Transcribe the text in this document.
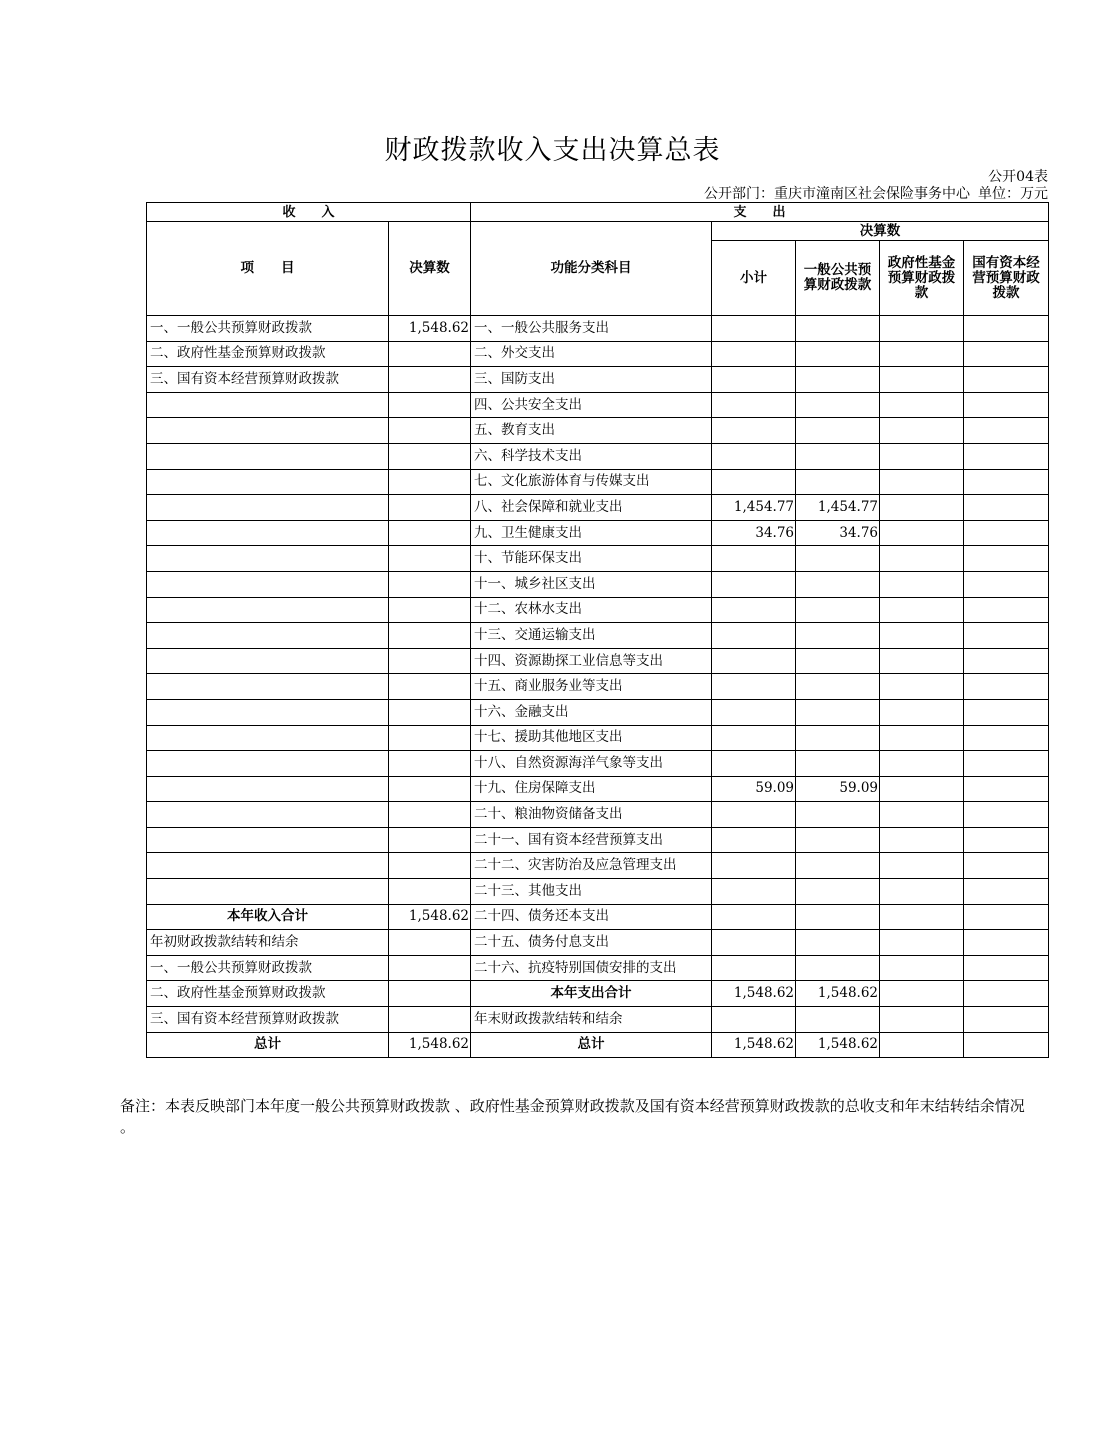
财政拨款收入支出决算总表
公开04表
公开部门：重庆市潼南区社会保险事务中心 单位：万元
收　　入		支　　出				
项　　目	决算数	功能分类科目	决算数			
			小计	一般公共预算财政拨款	政府性基金预算财政拨款	国有资本经营预算财政拨款
一、一般公共预算财政拨款	1,548.62	一、一般公共服务支出				
二、政府性基金预算财政拨款		二、外交支出				
三、国有资本经营预算财政拨款		三、国防支出				
		四、公共安全支出				
		五、教育支出				
		六、科学技术支出				
		七、文化旅游体育与传媒支出				
		八、社会保障和就业支出	1,454.77	1,454.77		
		九、卫生健康支出	34.76	34.76		
		十、节能环保支出				
		十一、城乡社区支出				
		十二、农林水支出				
		十三、交通运输支出				
		十四、资源勘探工业信息等支出				
		十五、商业服务业等支出				
		十六、金融支出				
		十七、援助其他地区支出				
		十八、自然资源海洋气象等支出				
		十九、住房保障支出	59.09	59.09		
		二十、粮油物资储备支出				
		二十一、国有资本经营预算支出				
		二十二、灾害防治及应急管理支出				
		二十三、其他支出				
本年收入合计	1,548.62	二十四、债务还本支出				
年初财政拨款结转和结余		二十五、债务付息支出				
一、一般公共预算财政拨款		二十六、抗疫特别国债安排的支出				
二、政府性基金预算财政拨款		本年支出合计	1,548.62	1,548.62		
三、国有资本经营预算财政拨款		年末财政拨款结转和结余				
总计	1,548.62	总计	1,548.62	1,548.62		
备注：本表反映部门本年度一般公共预算财政拨款 、政府性基金预算财政拨款及国有资本经营预算财政拨款的总收支和年末结转结余情况 。
